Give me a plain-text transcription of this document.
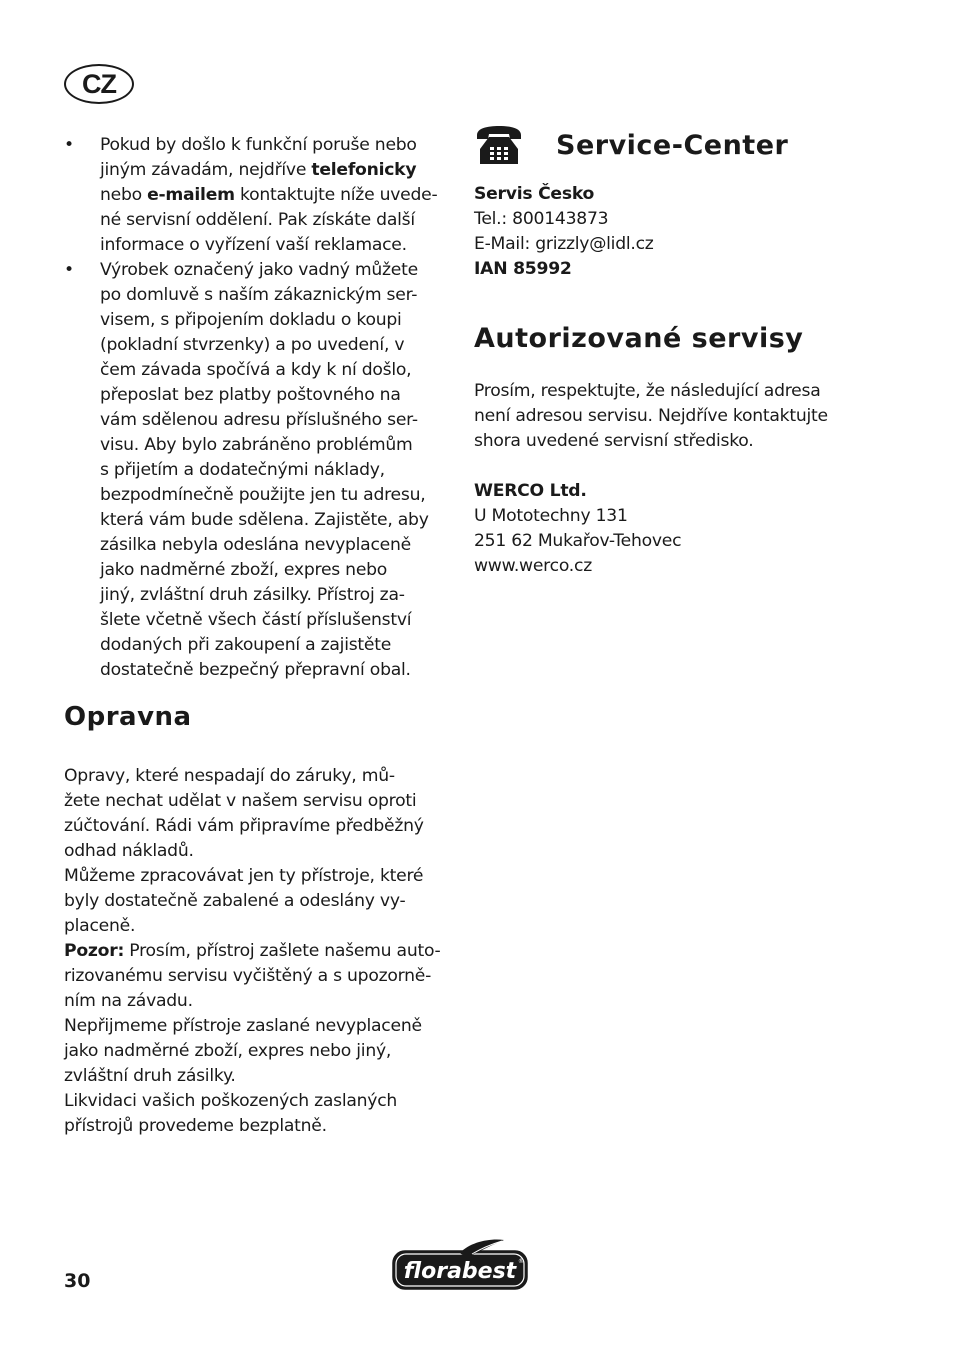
CZ
• Pokud by došlo k funkční poruše nebo
jiným závadám, nejdříve telefonicky
nebo e-mailem kontaktujte níže uvede-
né servisní oddělení. Pak získáte další
informace o vyřízení vaší reklamace.
• Výrobek označený jako vadný můžete
po domluvě s naším zákaznickým ser-
visem, s připojením dokladu o koupi
(pokladní stvrzenky) a po uvedení, v
čem závada spočívá a kdy k ní došlo,
přeposlat bez platby poštovného na
vám sdělenou adresu příslušného ser-
visu. Aby bylo zabráněno problémům
s přijetím a dodatečnými náklady,
bezpodmínečně použijte jen tu adresu,
která vám bude sdělena. Zajistěte, aby
zásilka nebyla odeslána nevyplaceně
jako nadměrné zboží, expres nebo
jiný, zvláštní druh zásilky. Přístroj za-
šlete včetně všech částí příslušenství
dodaných při zakoupení a zajistěte
dostatečně bezpečný přepravní obal.
Opravna

Opravy, které nespadají do záruky, mů-
žete nechat udělat v našem servisu oproti
zúčtování. Rádi vám připravíme předběžný
odhad nákladů.

Můžeme zpracovávat jen ty přístroje, které
byly dostatečně zabalené a odeslány vy-
placeně.

Pozor: Prosím, přístroj zašlete našemu auto-
rizovanému servisu vyčištěný a s upozorně-
ním na závadu.

Nepřijmeme přístroje zaslané nevyplaceně
jako nadměrné zboží, expres nebo jiný,
zvláštní druh zásilky.

Likvidaci vašich poškozených zaslaných
přístrojů provedeme bezplatně.

Service-Center
Servis Česko
Tel.: 800143873
E-Mail: grizzly@lidl.cz
IAN 85992
Autorizované servisy

Prosím, respektujte, že následující adresa
není adresou servisu. Nejdříve kontaktujte
shora uvedené servisní středisko.

WERCO Ltd.
U Mototechny 131
251 62 Mukařov-Tehovec
www.werco.cz
30	florabest ®
